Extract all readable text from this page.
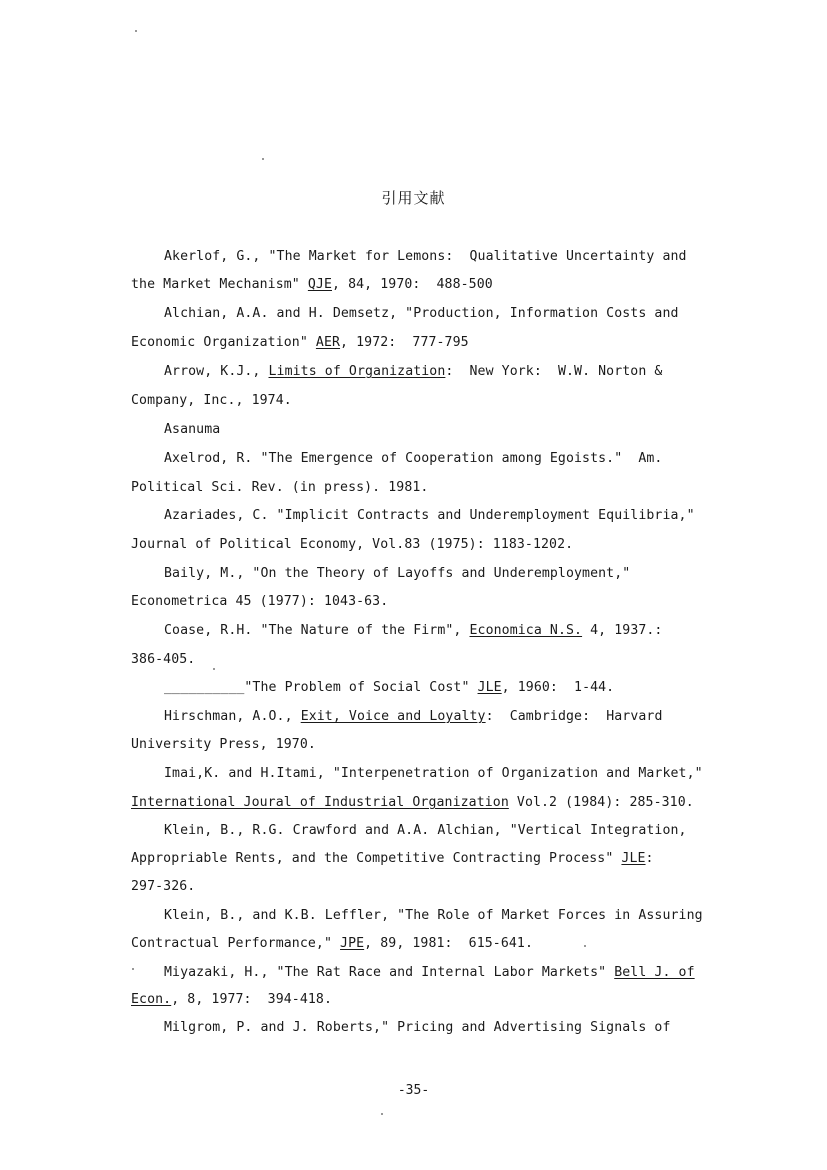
引用文献
Akerlof, G., "The Market for Lemons:  Qualitative Uncertainty and
the Market Mechanism" QJE, 84, 1970:  488-500
Alchian, A.A. and H. Demsetz, "Production, Information Costs and
Economic Organization" AER, 1972:  777-795
Arrow, K.J., Limits of Organization:  New York:  W.W. Norton &
Company, Inc., 1974.
Asanuma
Axelrod, R. "The Emergence of Cooperation among Egoists."  Am.
Political Sci. Rev. (in press). 1981.
Azariades, C. "Implicit Contracts and Underemployment Equilibria,"
Journal of Political Economy, Vol.83 (1975): 1183-1202.
Baily, M., "On the Theory of Layoffs and Underemployment,"
Econometrica 45 (1977): 1043-63.
Coase, R.H. "The Nature of the Firm", Economica N.S. 4, 1937.:
386-405.
__________"The Problem of Social Cost" JLE, 1960:  1-44.
Hirschman, A.O., Exit, Voice and Loyalty:  Cambridge:  Harvard
University Press, 1970.
Imai,K. and H.Itami, "Interpenetration of Organization and Market,"
International Joural of Industrial Organization Vol.2 (1984): 285-310.
Klein, B., R.G. Crawford and A.A. Alchian, "Vertical Integration,
Appropriable Rents, and the Competitive Contracting Process" JLE:
297-326.
Klein, B., and K.B. Leffler, "The Role of Market Forces in Assuring
Contractual Performance," JPE, 89, 1981:  615-641.
Miyazaki, H., "The Rat Race and Internal Labor Markets" Bell J. of
Econ., 8, 1977:  394-418.
Milgrom, P. and J. Roberts," Pricing and Advertising Signals of
-35-
